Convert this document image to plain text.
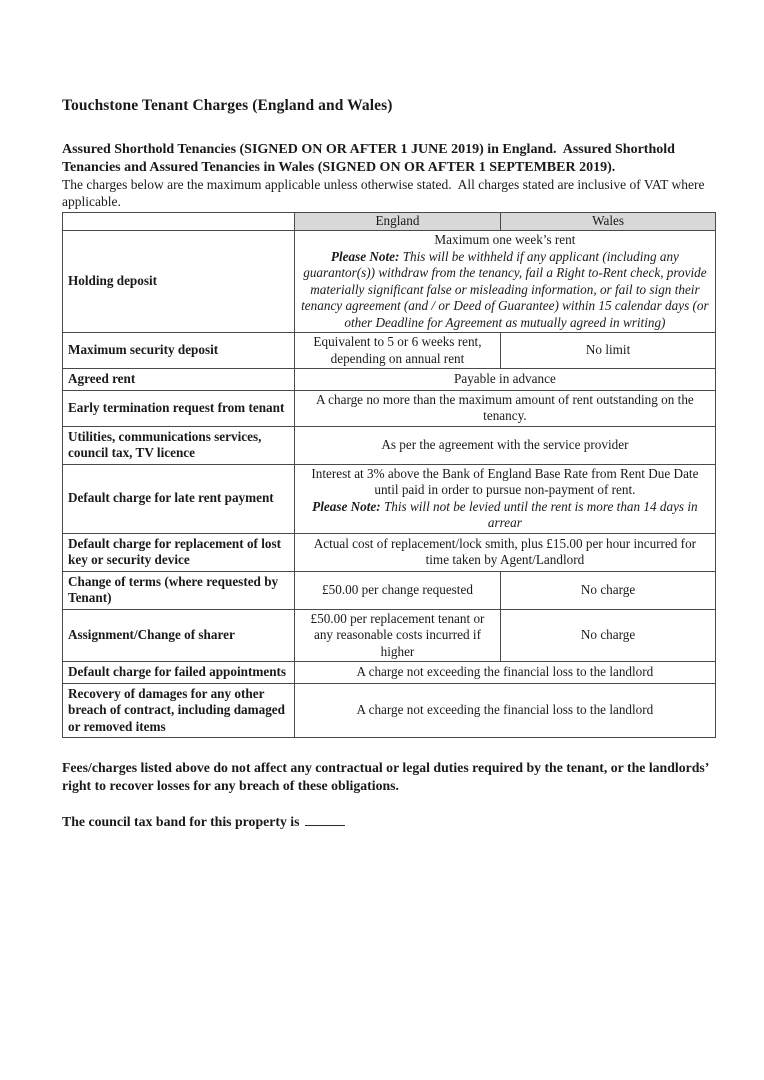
Touchstone Tenant Charges (England and Wales)

Assured Shorthold Tenancies (SIGNED ON OR AFTER 1 JUNE 2019) in England.  Assured Shorthold Tenancies and Assured Tenancies in Wales (SIGNED ON OR AFTER 1 SEPTEMBER 2019).

The charges below are the maximum applicable unless otherwise stated.  All charges stated are inclusive of VAT where applicable.

	England	Wales
Holding deposit	Maximum one week’s rent
Please Note: This will be withheld if any applicant (including any guarantor(s)) withdraw from the tenancy, fail a Right to-Rent check, provide materially significant false or misleading information, or fail to sign their tenancy agreement (and / or Deed of Guarantee) within 15 calendar days (or other Deadline for Agreement as mutually agreed in writing)	

Maximum security deposit	Equivalent to 5 or 6 weeks rent, depending on annual rent	No limit
Agreed rent	Payable in advance	
Early termination request from tenant	A charge no more than the maximum amount of rent outstanding on the tenancy.	
Utilities, communications services, council tax, TV licence	As per the agreement with the service provider	
Default charge for late rent payment	Interest at 3% above the Bank of England Base Rate from Rent Due Date until paid in order to pursue non-payment of rent.
Please Note: This will not be levied until the rent is more than 14 days in arrear	

Default charge for replacement of lost key or security device	Actual cost of replacement/lock smith, plus £15.00 per hour incurred for time taken by Agent/Landlord	
Change of terms (where requested by Tenant)	£50.00 per change requested	No charge
Assignment/Change of sharer	£50.00 per replacement tenant or any reasonable costs incurred if higher	No charge
Default charge for failed appointments	A charge not exceeding the financial loss to the landlord	
Recovery of damages for any other breach of contract, including damaged or removed items	A charge not exceeding the financial loss to the landlord	

Fees/charges listed above do not affect any contractual or legal duties required by the tenant, or the landlords’ right to recover losses for any breach of these obligations.

The council tax band for this property is
